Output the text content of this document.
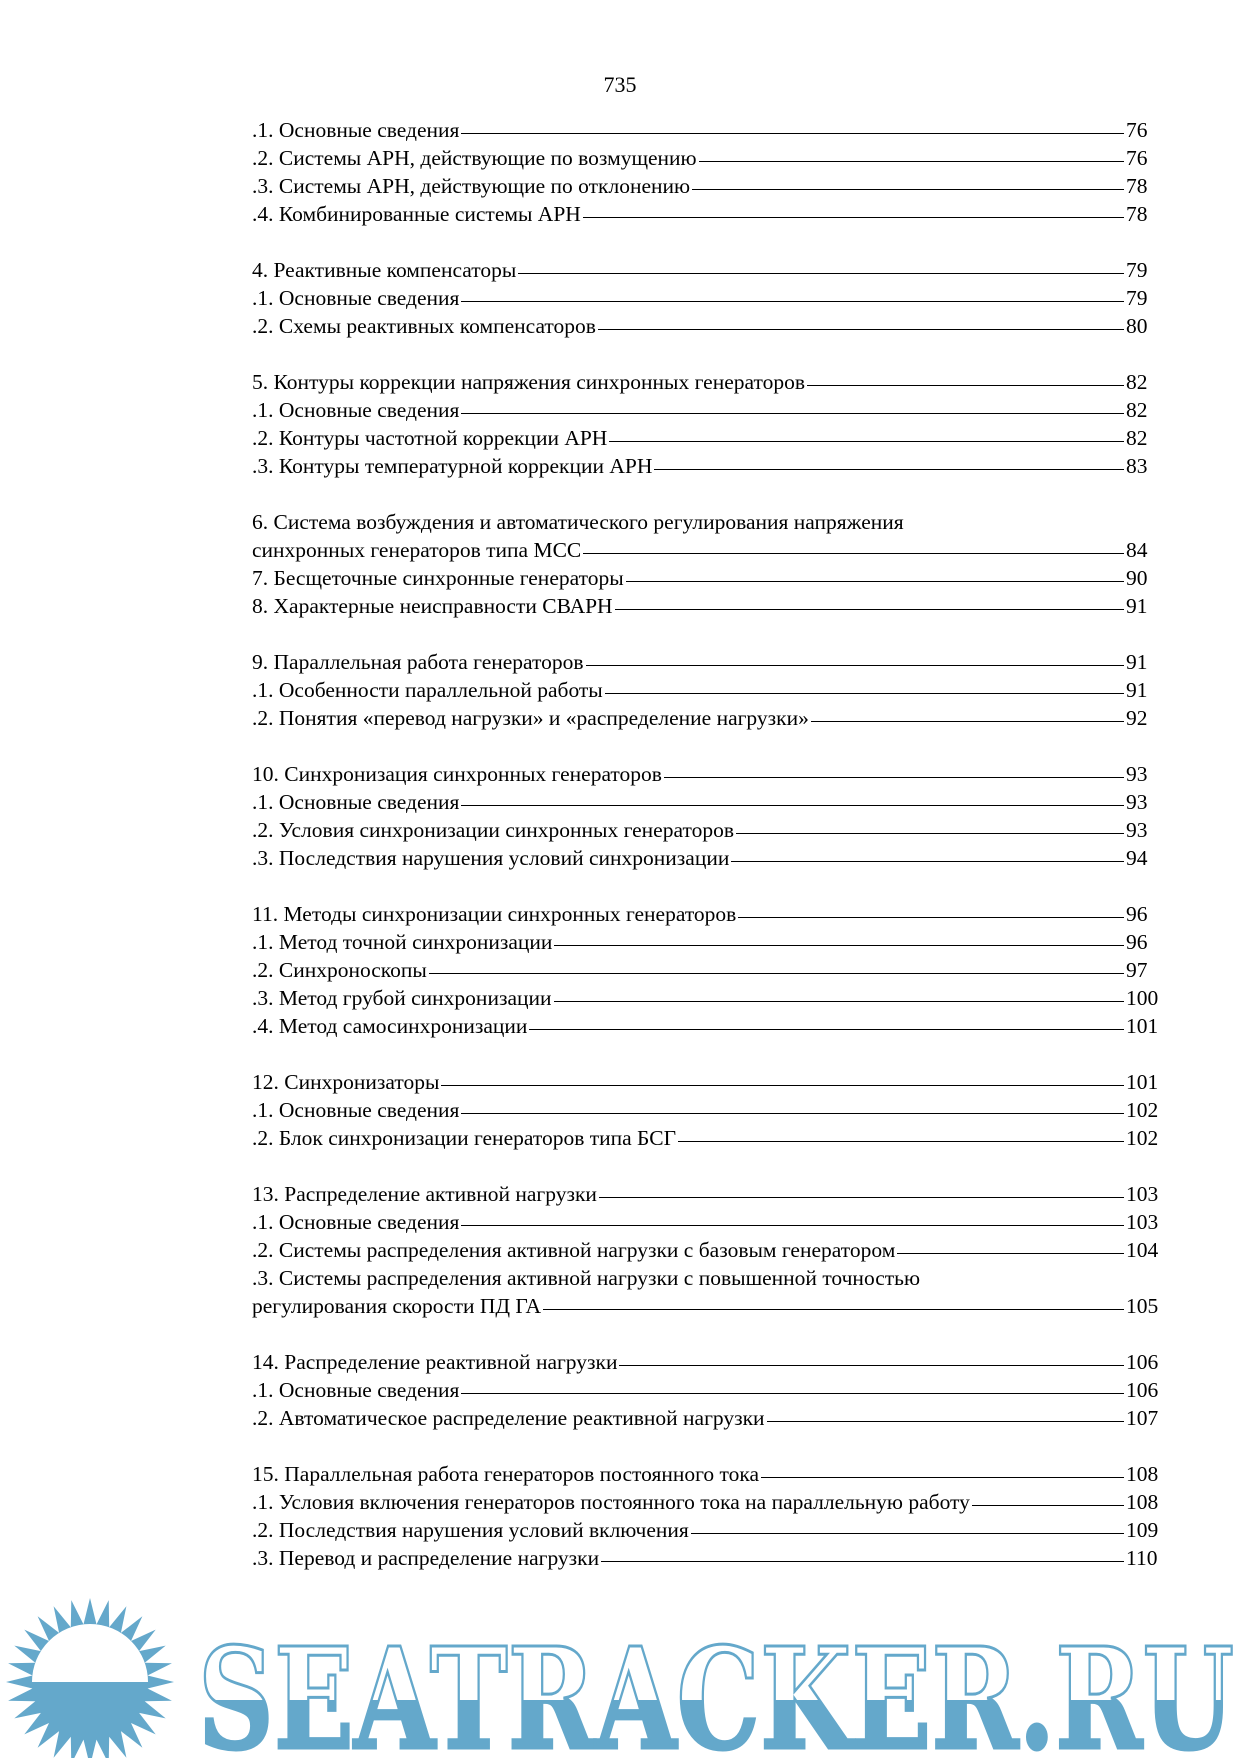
735
.1. Основные сведения	76
.2. Системы АРН, действующие по возмущению	76
.3. Системы АРН, действующие по отклонению	78
.4. Комбинированные системы АРН	78
4. Реактивные компенсаторы	79
.1. Основные сведения	79
.2. Схемы реактивных компенсаторов	80
5. Контуры коррекции напряжения синхронных генераторов	82
.1. Основные сведения	82
.2. Контуры частотной коррекции АРН	82
.3. Контуры температурной коррекции АРН	83
6. Система возбуждения и автоматического регулирования напряжения
синхронных генераторов типа МСС	84
7. Бесщеточные синхронные генераторы	90
8. Характерные неисправности СВАРН	91
9. Параллельная работа генераторов	91
.1. Особенности параллельной работы	91
.2. Понятия «перевод нагрузки» и «распределение нагрузки»	92
10. Синхронизация синхронных генераторов	93
.1. Основные сведения	93
.2. Условия синхронизации синхронных генераторов	93
.3. Последствия нарушения условий синхронизации	94
11. Методы синхронизации синхронных генераторов	96
.1. Метод точной синхронизации	96
.2. Синхроноскопы	97
.3. Метод грубой синхронизации	100
.4. Метод самосинхронизации	101
12. Синхронизаторы	101
.1. Основные сведения	102
.2. Блок синхронизации генераторов типа БСГ	102
13. Распределение активной нагрузки	103
.1. Основные сведения	103
.2. Системы распределения активной нагрузки с базовым генератором	104
.3. Системы распределения активной нагрузки с повышенной точностью
регулирования скорости ПД ГА	105
14. Распределение реактивной нагрузки	106
.1. Основные сведения	106
.2. Автоматическое распределение реактивной нагрузки	107
15. Параллельная работа генераторов постоянного тока	108
.1. Условия включения генераторов постоянного тока на параллельную работу	108
.2. Последствия нарушения условий включения	109
.3. Перевод и распределение нагрузки	110
SEATRACKER.RU
